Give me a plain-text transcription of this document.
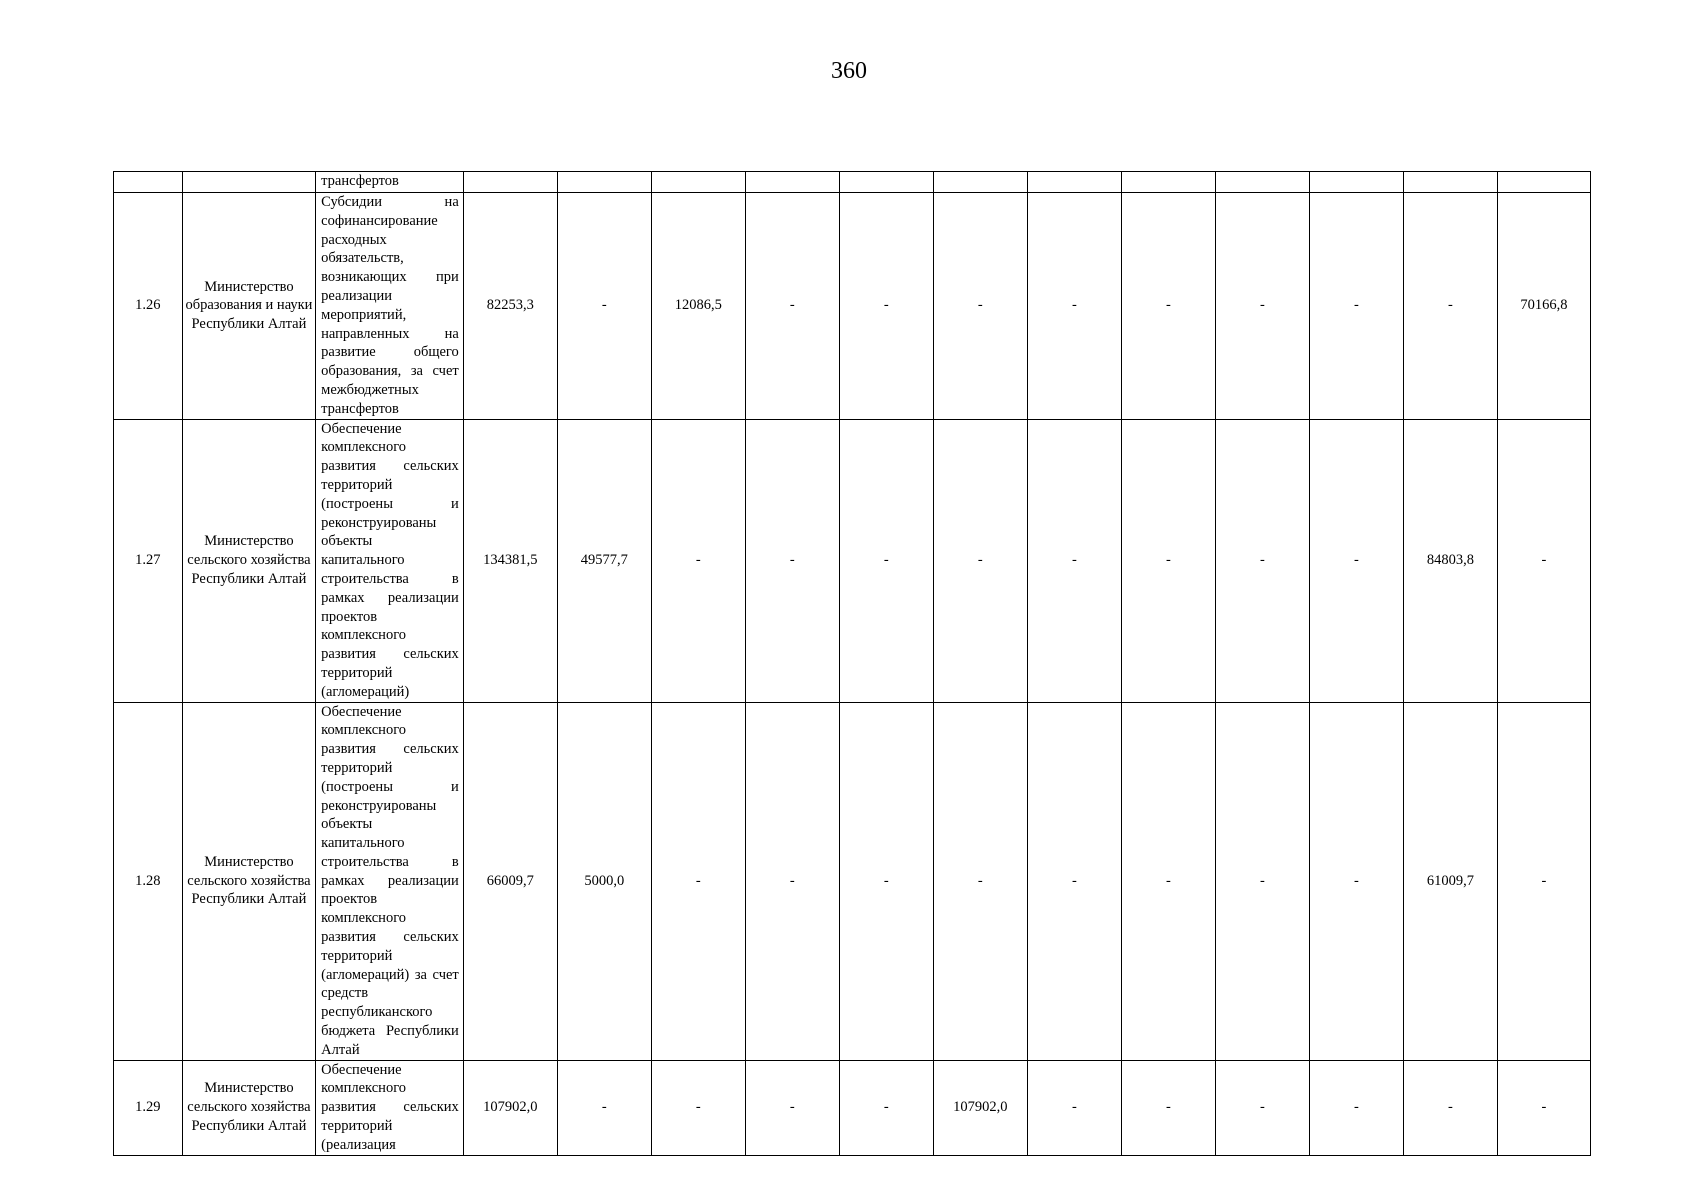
360
		трансфертов												
1.26	Министерство образования и науки Республики Алтай	Субсидии на софинансирование расходных обязательств, возникающих при реализации мероприятий, направленных на развитие общего образования, за счет межбюджетных трансфертов	82253,3	-	12086,5	-	-	-	-	-	-	-	-	70166,8
1.27	Министерство сельского хозяйства Республики Алтай	Обеспечение комплексного развития сельских территорий (построены и реконструированы объекты капитального строительства в рамках реализации проектов комплексного развития сельских территорий (агломераций)	134381,5	49577,7	-	-	-	-	-	-	-	-	84803,8	-
1.28	Министерство сельского хозяйства Республики Алтай	Обеспечение комплексного развития сельских территорий (построены и реконструированы объекты капитального строительства в рамках реализации проектов комплексного развития сельских территорий (агломераций) за счет средств республиканского бюджета Республики Алтай	66009,7	5000,0	-	-	-	-	-	-	-	-	61009,7	-
1.29	Министерство сельского хозяйства Республики Алтай	Обеспечение комплексного развития сельских территорий (реализация	107902,0	-	-	-	-	107902,0	-	-	-	-	-	-
